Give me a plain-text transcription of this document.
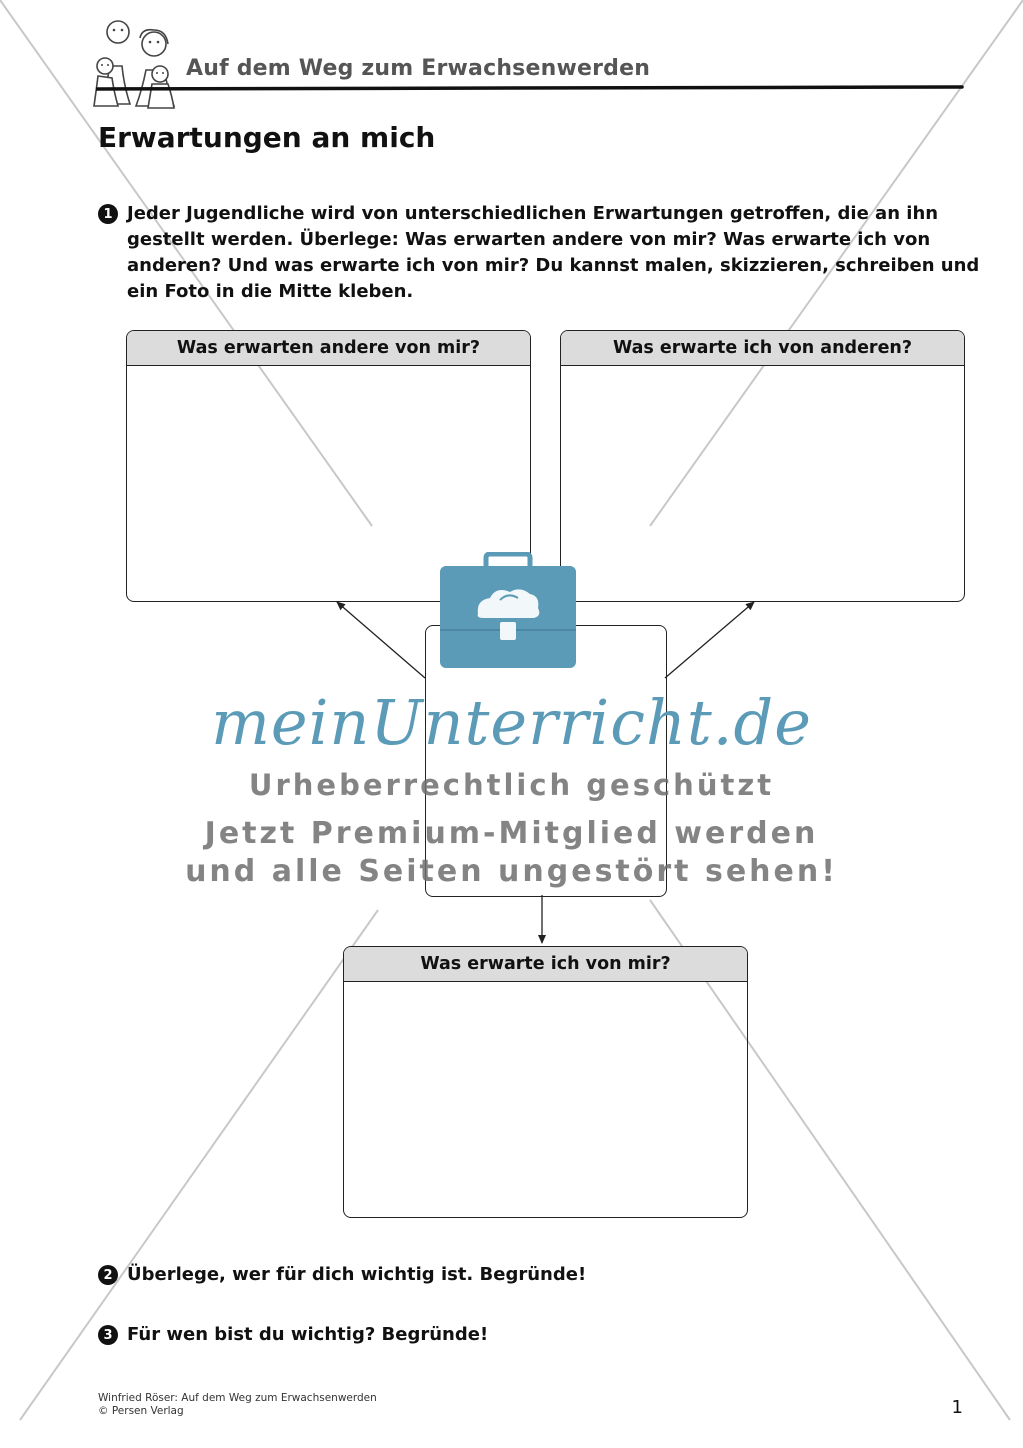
Auf dem Weg zum Erwachsenwerden
Erwartungen an mich
1 Jeder Jugendliche wird von unterschiedlichen Erwartungen getroffen, die an ihn
gestellt werden. Überlege: Was erwarten andere von mir? Was erwarte ich von
anderen? Und was erwarte ich von mir? Du kannst malen, skizzieren, schreiben und
ein Foto in die Mitte kleben.
Was erwarten andere von mir?	Was erwarte ich von anderen?
Was erwarte ich von mir?
meinUnterricht.de
Urheberrechtlich geschützt
Jetzt Premium-Mitglied werden
und alle Seiten ungestört sehen!
2 Überlege, wer für dich wichtig ist. Begründe!
3 Für wen bist du wichtig? Begründe!
Winfried Röser: Auf dem Weg zum Erwachsenwerden
© Persen Verlag	1
